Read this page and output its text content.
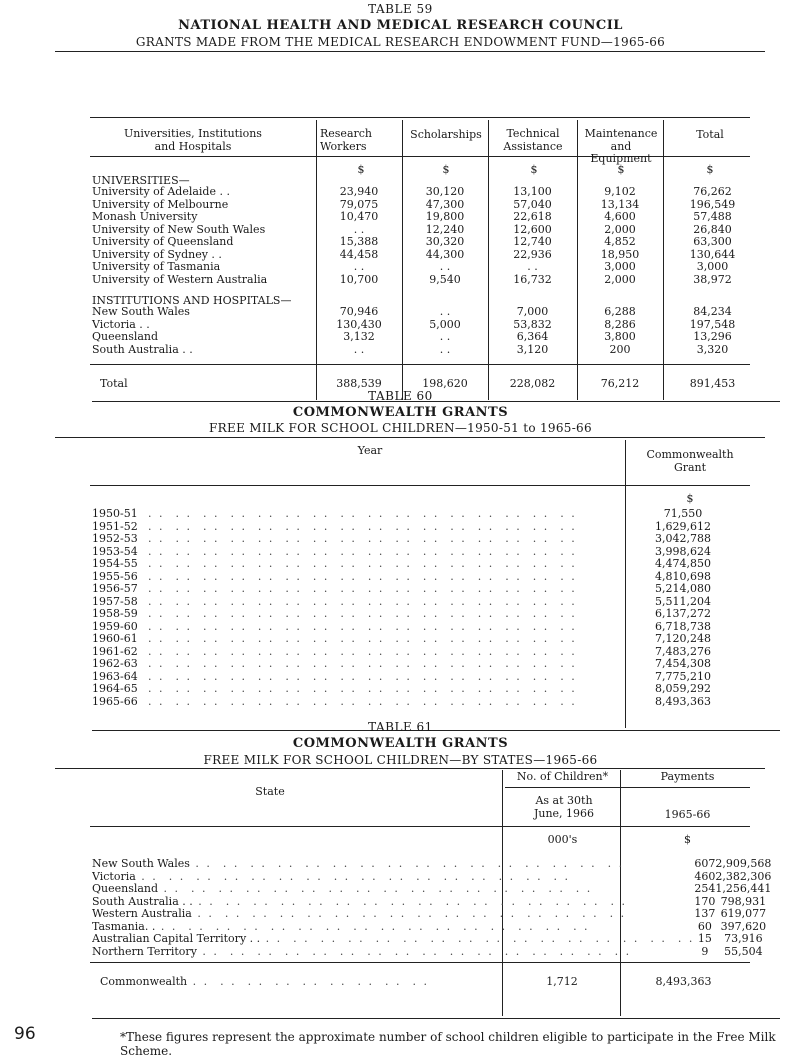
TABLE 59
NATIONAL HEALTH AND MEDICAL RESEARCH COUNCIL
GRANTS MADE FROM THE MEDICAL RESEARCH ENDOWMENT FUND—1965-66
Universities, Institutions and Hospitals
Research Workers
Scholarships	Technical Assistance
Maintenance and Equipment
Total
$	$	$	$	$
UNIVERSITIES—
University of Adelaide . .	23,940	30,120	13,100	9,102	76,262
University of Melbourne	79,075	47,300	57,040	13,134	196,549
Monash University	10,470	19,800	22,618	4,600	57,488
University of New South Wales	. .	12,240	12,600	2,000	26,840
University of Queensland	15,388	30,320	12,740	4,852	63,300
University of Sydney . .	44,458	44,300	22,936	18,950	130,644
University of Tasmania	. .	. .	. .	3,000	3,000
University of Western Australia	10,700	9,540	16,732	2,000	38,972
INSTITUTIONS AND HOSPITALS—
New South Wales	70,946	. .	7,000	6,288	84,234
Victoria . .	130,430	5,000	53,832	8,286	197,548
Queensland	3,132	. .	6,364	3,800	13,296
South Australia . .	. .	. .	3,120	200	3,320
Total	388,539	198,620	228,082	76,212	891,453
TABLE 60
COMMONWEALTH GRANTS
FREE MILK FOR SCHOOL CHILDREN—1950-51 to 1965-66
Year	Commonwealth Grant
$
1950-51	. .  . .  . .  . .  . .  . .  . .  . .  . .  . .  . .  . .  . .  . .  . .  . .	71,550
1951-52	. .  . .  . .  . .  . .  . .  . .  . .  . .  . .  . .  . .  . .  . .  . .  . .	1,629,612
1952-53	. .  . .  . .  . .  . .  . .  . .  . .  . .  . .  . .  . .  . .  . .  . .  . .	3,042,788
1953-54	. .  . .  . .  . .  . .  . .  . .  . .  . .  . .  . .  . .  . .  . .  . .  . .	3,998,624
1954-55	. .  . .  . .  . .  . .  . .  . .  . .  . .  . .  . .  . .  . .  . .  . .  . .	4,474,850
1955-56	. .  . .  . .  . .  . .  . .  . .  . .  . .  . .  . .  . .  . .  . .  . .  . .	4,810,698
1956-57	. .  . .  . .  . .  . .  . .  . .  . .  . .  . .  . .  . .  . .  . .  . .  . .	5,214,080
1957-58	. .  . .  . .  . .  . .  . .  . .  . .  . .  . .  . .  . .  . .  . .  . .  . .	5,511,204
1958-59	. .  . .  . .  . .  . .  . .  . .  . .  . .  . .  . .  . .  . .  . .  . .  . .	6,137,272
1959-60	. .  . .  . .  . .  . .  . .  . .  . .  . .  . .  . .  . .  . .  . .  . .  . .	6,718,738
1960-61	. .  . .  . .  . .  . .  . .  . .  . .  . .  . .  . .  . .  . .  . .  . .  . .	7,120,248
1961-62	. .  . .  . .  . .  . .  . .  . .  . .  . .  . .  . .  . .  . .  . .  . .  . .	7,483,276
1962-63	. .  . .  . .  . .  . .  . .  . .  . .  . .  . .  . .  . .  . .  . .  . .  . .	7,454,308
1963-64	. .  . .  . .  . .  . .  . .  . .  . .  . .  . .  . .  . .  . .  . .  . .  . .	7,775,210
1964-65	. .  . .  . .  . .  . .  . .  . .  . .  . .  . .  . .  . .  . .  . .  . .  . .	8,059,292
1965-66	. .  . .  . .  . .  . .  . .  . .  . .  . .  . .  . .  . .  . .  . .  . .  . .	8,493,363
TABLE 61
COMMONWEALTH GRANTS
FREE MILK FOR SCHOOL CHILDREN—BY STATES—1965-66
State
No. of Children*
As at 30th June, 1966
Payments
1965-66
000's	$
New South Wales . .  . .  . .  . .  . .  . .  . .  . .  . .  . .  . .  . .  . .  . .  . .  . .	607	2,909,568
Victoria . .  . .  . .  . .  . .  . .  . .  . .  . .  . .  . .  . .  . .  . .  . .  . .	460	2,382,306
Queensland . .  . .  . .  . .  . .  . .  . .  . .  . .  . .  . .  . .  . .  . .  . .  . .	254	1,256,441
South Australia . . . .  . .  . .  . .  . .  . .  . .  . .  . .  . .  . .  . .  . .  . .  . .  . .	170	798,931
Western Australia . .  . .  . .  . .  . .  . .  . .  . .  . .  . .  . .  . .  . .  . .  . .  . .	137	619,077
Tasmania. . . .  . .  . .  . .  . .  . .  . .  . .  . .  . .  . .  . .  . .  . .  . .  . .	60	397,620
Australian Capital Territory . . . .  . .  . .  . .  . .  . .  . .  . .  . .  . .  . .  . .  . .  . .  . .  . .	15	73,916
Northern Territory . .  . .  . .  . .  . .  . .  . .  . .  . .  . .  . .  . .  . .  . .  . .  . .	9	55,504
Commonwealth . .  . .  . .  . .  . .  . .  . .  . .  . .	1,712	8,493,363
96	*These figures represent the approximate number of school children eligible to participate in the Free Milk Scheme.
